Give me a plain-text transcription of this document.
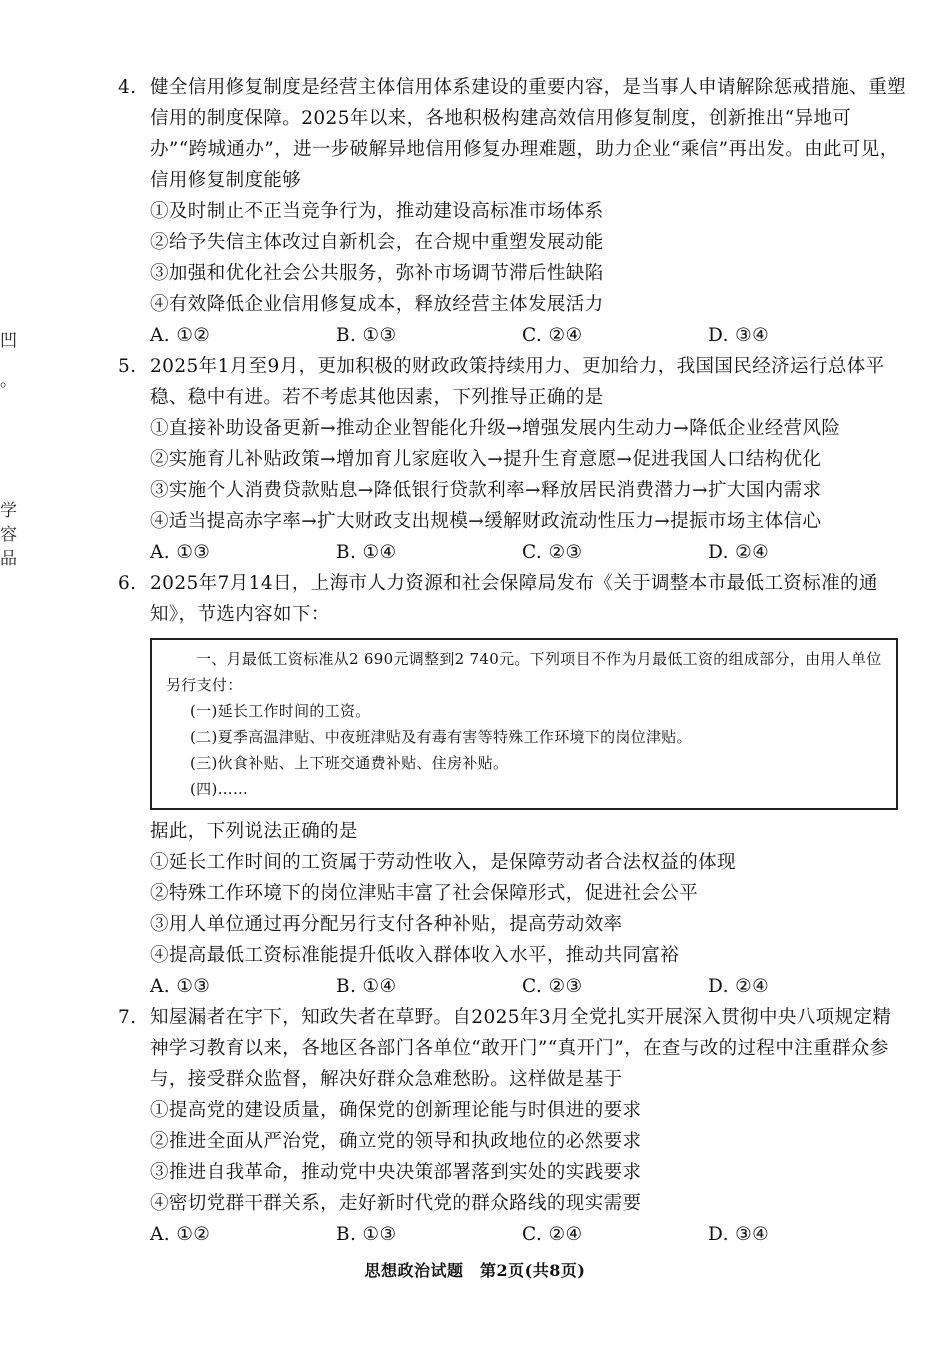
凹
。
学
容
品

4. 健全信用修复制度是经营主体信用体系建设的重要内容，是当事人申请解除惩戒措施、重塑信用的制度保障。2025年以来，各地积极构建高效信用修复制度，创新推出“异地可办”“跨城通办”，进一步破解异地信用修复办理难题，助力企业“乘信”再出发。由此可见，信用修复制度能够

①及时制止不正当竞争行为，推动建设高标准市场体系

②给予失信主体改过自新机会，在合规中重塑发展动能

③加强和优化社会公共服务，弥补市场调节滞后性缺陷

④有效降低企业信用修复成本，释放经营主体发展活力

A. ①②	B. ①③	C. ②④	D. ③④

5. 2025年1月至9月，更加积极的财政政策持续用力、更加给力，我国国民经济运行总体平稳、稳中有进。若不考虑其他因素，下列推导正确的是

①直接补助设备更新→推动企业智能化升级→增强发展内生动力→降低企业经营风险

②实施育儿补贴政策→增加育儿家庭收入→提升生育意愿→促进我国人口结构优化

③实施个人消费贷款贴息→降低银行贷款利率→释放居民消费潜力→扩大国内需求

④适当提高赤字率→扩大财政支出规模→缓解财政流动性压力→提振市场主体信心

A. ①③	B. ①④	C. ②③	D. ②④

6. 2025年7月14日，上海市人力资源和社会保障局发布《关于调整本市最低工资标准的通知》，节选内容如下：

一、月最低工资标准从2 690元调整到2 740元。下列项目不作为月最低工资的组成部分，由用人单位另行支付：

(一)延长工作时间的工资。

(二)夏季高温津贴、中夜班津贴及有毒有害等特殊工作环境下的岗位津贴。

(三)伙食补贴、上下班交通费补贴、住房补贴。

(四)……

据此，下列说法正确的是

①延长工作时间的工资属于劳动性收入，是保障劳动者合法权益的体现

②特殊工作环境下的岗位津贴丰富了社会保障形式，促进社会公平

③用人单位通过再分配另行支付各种补贴，提高劳动效率

④提高最低工资标准能提升低收入群体收入水平，推动共同富裕

A. ①③	B. ①④	C. ②③	D. ②④

7. 知屋漏者在宇下，知政失者在草野。自2025年3月全党扎实开展深入贯彻中央八项规定精神学习教育以来，各地区各部门各单位“敢开门”“真开门”，在查与改的过程中注重群众参与，接受群众监督，解决好群众急难愁盼。这样做是基于

①提高党的建设质量，确保党的创新理论能与时俱进的要求

②推进全面从严治党，确立党的领导和执政地位的必然要求

③推进自我革命，推动党中央决策部署落到实处的实践要求

④密切党群干群关系，走好新时代党的群众路线的现实需要

A. ①②	B. ①③	C. ②④	D. ③④
思想政治试题　第2页(共8页)
